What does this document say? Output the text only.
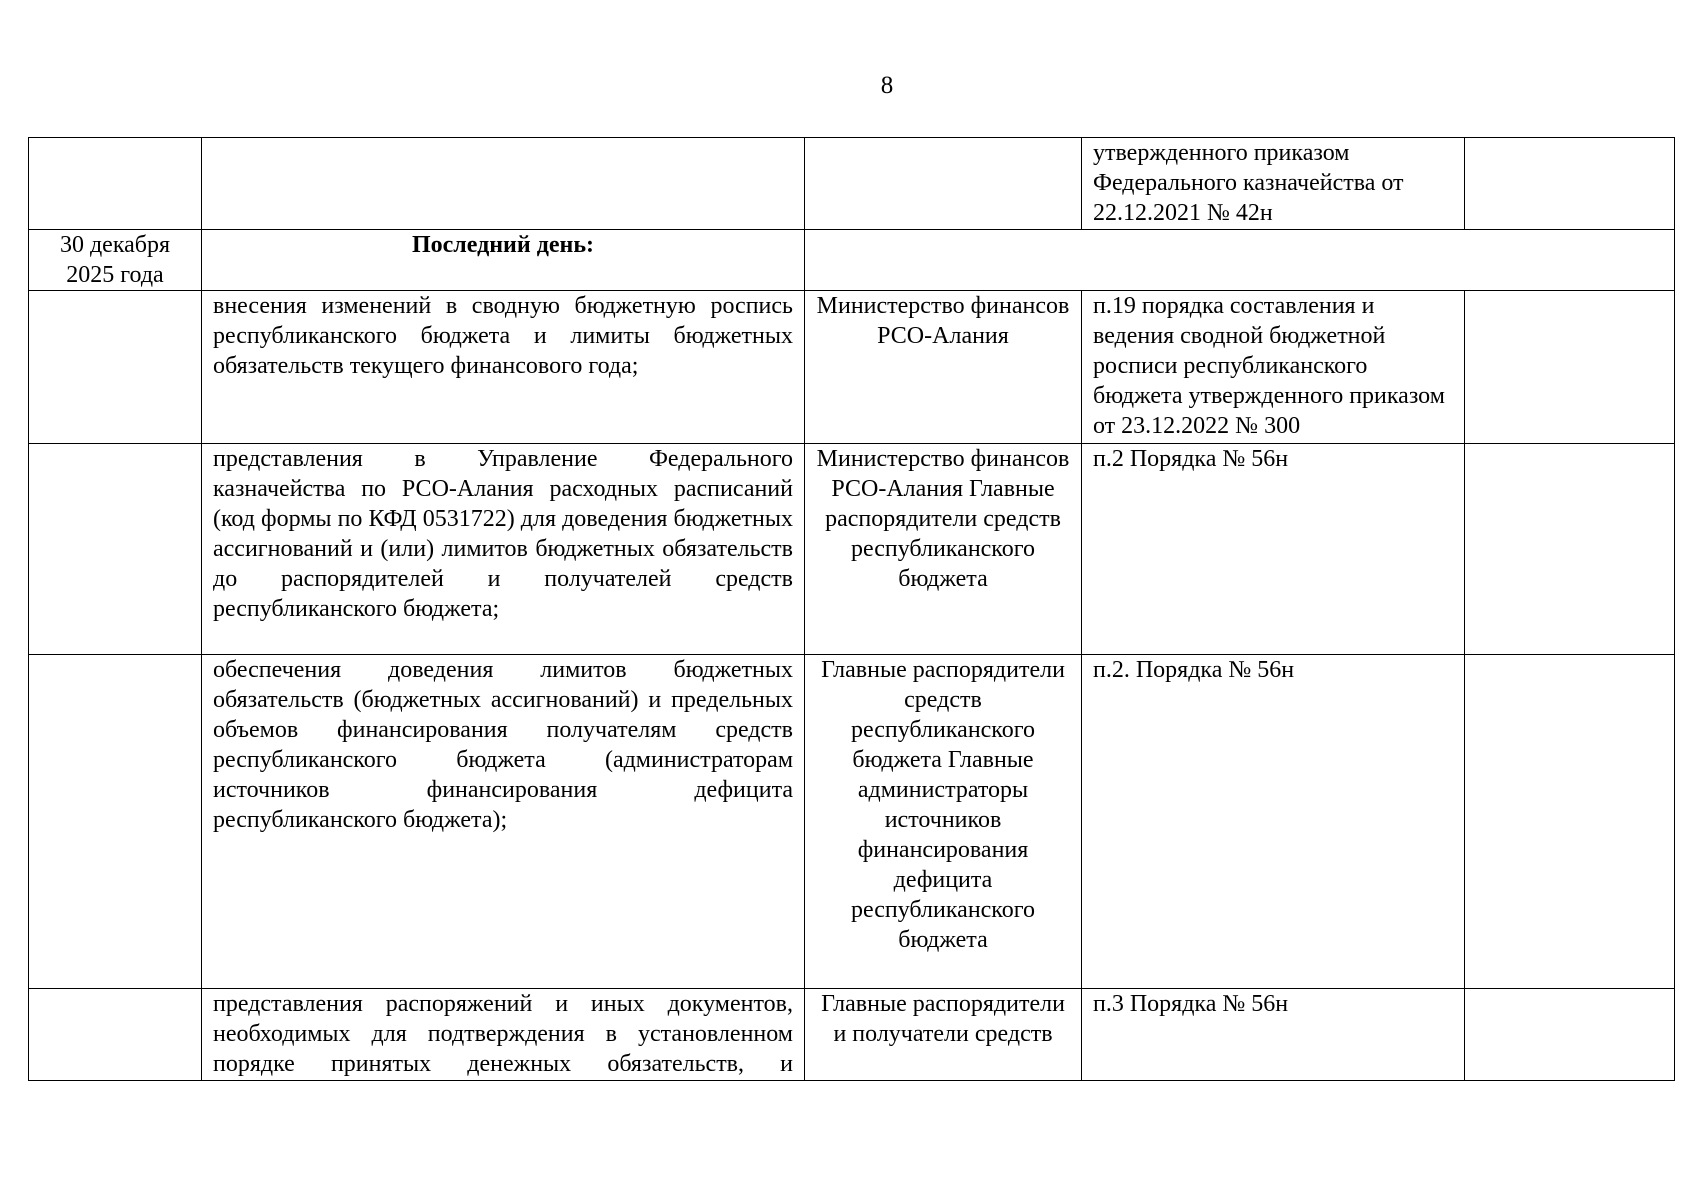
8
			утвержденного приказом Федерального казначейства от 22.12.2021 № 42н	
30 декабря 2025 года	Последний день:			
	внесения изменений в сводную бюджетную роспись республиканского бюджета и лимиты бюджетных обязательств текущего финансового года;	Министерство финансов РСО-Алания	п.19 порядка составления и ведения сводной бюджетной росписи республиканского бюджета утвержденного приказом от 23.12.2022 № 300	
	представления в Управление Федерального казначейства по РСО-Алания расходных расписаний (код формы по КФД 0531722) для доведения бюджетных ассигнований и (или) лимитов бюджетных обязательств до распорядителей и получателей средств республиканского бюджета;	Министерство финансов РСО-Алания Главные распорядители средств республиканского бюджета	п.2 Порядка № 56н	
	обеспечения доведения лимитов бюджетных обязательств (бюджетных ассигнований) и предельных объемов финансирования получателям средств республиканского бюджета (администраторам источников финансирования дефицита республиканского бюджета);	Главные распорядители средств республиканского бюджета Главные администраторы источников финансирования дефицита республиканского бюджета	п.2. Порядка № 56н	
	представления распоряжений и иных документов, необходимых для подтверждения в установленном порядке принятых денежных обязательств, и	Главные распорядители и получатели средств	п.3 Порядка № 56н	
